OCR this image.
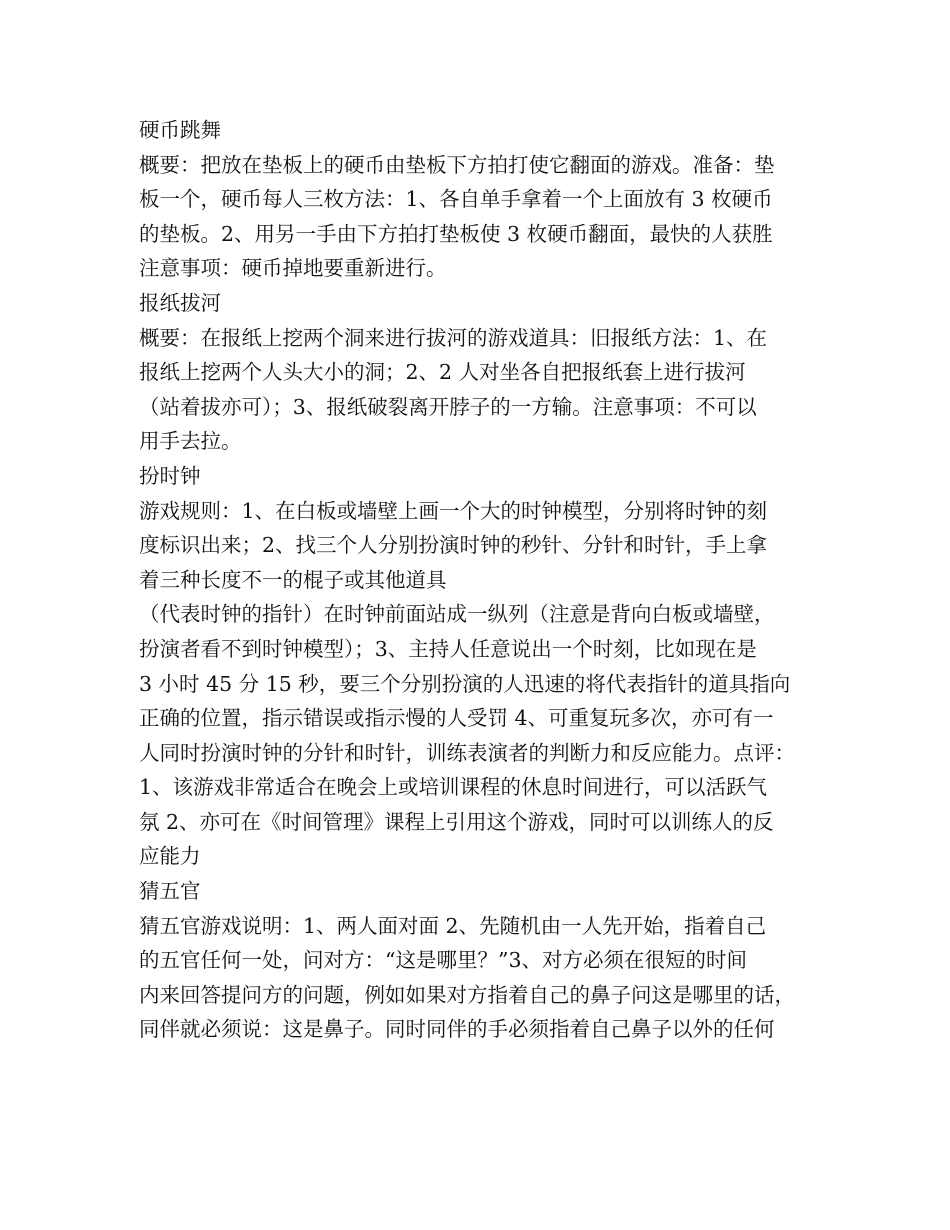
硬币跳舞
概要：把放在垫板上的硬币由垫板下方拍打使它翻面的游戏。准备：垫
板一个，硬币每人三枚方法：1、各自单手拿着一个上面放有 3 枚硬币
的垫板。2、用另一手由下方拍打垫板使 3 枚硬币翻面，最快的人获胜
注意事项：硬币掉地要重新进行。
报纸拔河
概要：在报纸上挖两个洞来进行拔河的游戏道具：旧报纸方法：1、在
报纸上挖两个人头大小的洞；2、2 人对坐各自把报纸套上进行拔河
（站着拔亦可）；3、报纸破裂离开脖子的一方输。注意事项：不可以
用手去拉。
扮时钟
游戏规则：1、在白板或墙壁上画一个大的时钟模型，分别将时钟的刻
度标识出来；2、找三个人分别扮演时钟的秒针、分针和时针，手上拿
着三种长度不一的棍子或其他道具
（代表时钟的指针）在时钟前面站成一纵列（注意是背向白板或墙壁，
扮演者看不到时钟模型）；3、主持人任意说出一个时刻，比如现在是
3 小时 45 分 15 秒，要三个分别扮演的人迅速的将代表指针的道具指向
正确的位置，指示错误或指示慢的人受罚 4、可重复玩多次，亦可有一
人同时扮演时钟的分针和时针，训练表演者的判断力和反应能力。点评：
1、该游戏非常适合在晚会上或培训课程的休息时间进行，可以活跃气
氛 2、亦可在《时间管理》课程上引用这个游戏，同时可以训练人的反
应能力
猜五官
猜五官游戏说明：1、两人面对面 2、先随机由一人先开始，指着自己
的五官任何一处，问对方：“这是哪里？”3、对方必须在很短的时间
内来回答提问方的问题，例如如果对方指着自己的鼻子问这是哪里的话，
同伴就必须说：这是鼻子。同时同伴的手必须指着自己鼻子以外的任何
